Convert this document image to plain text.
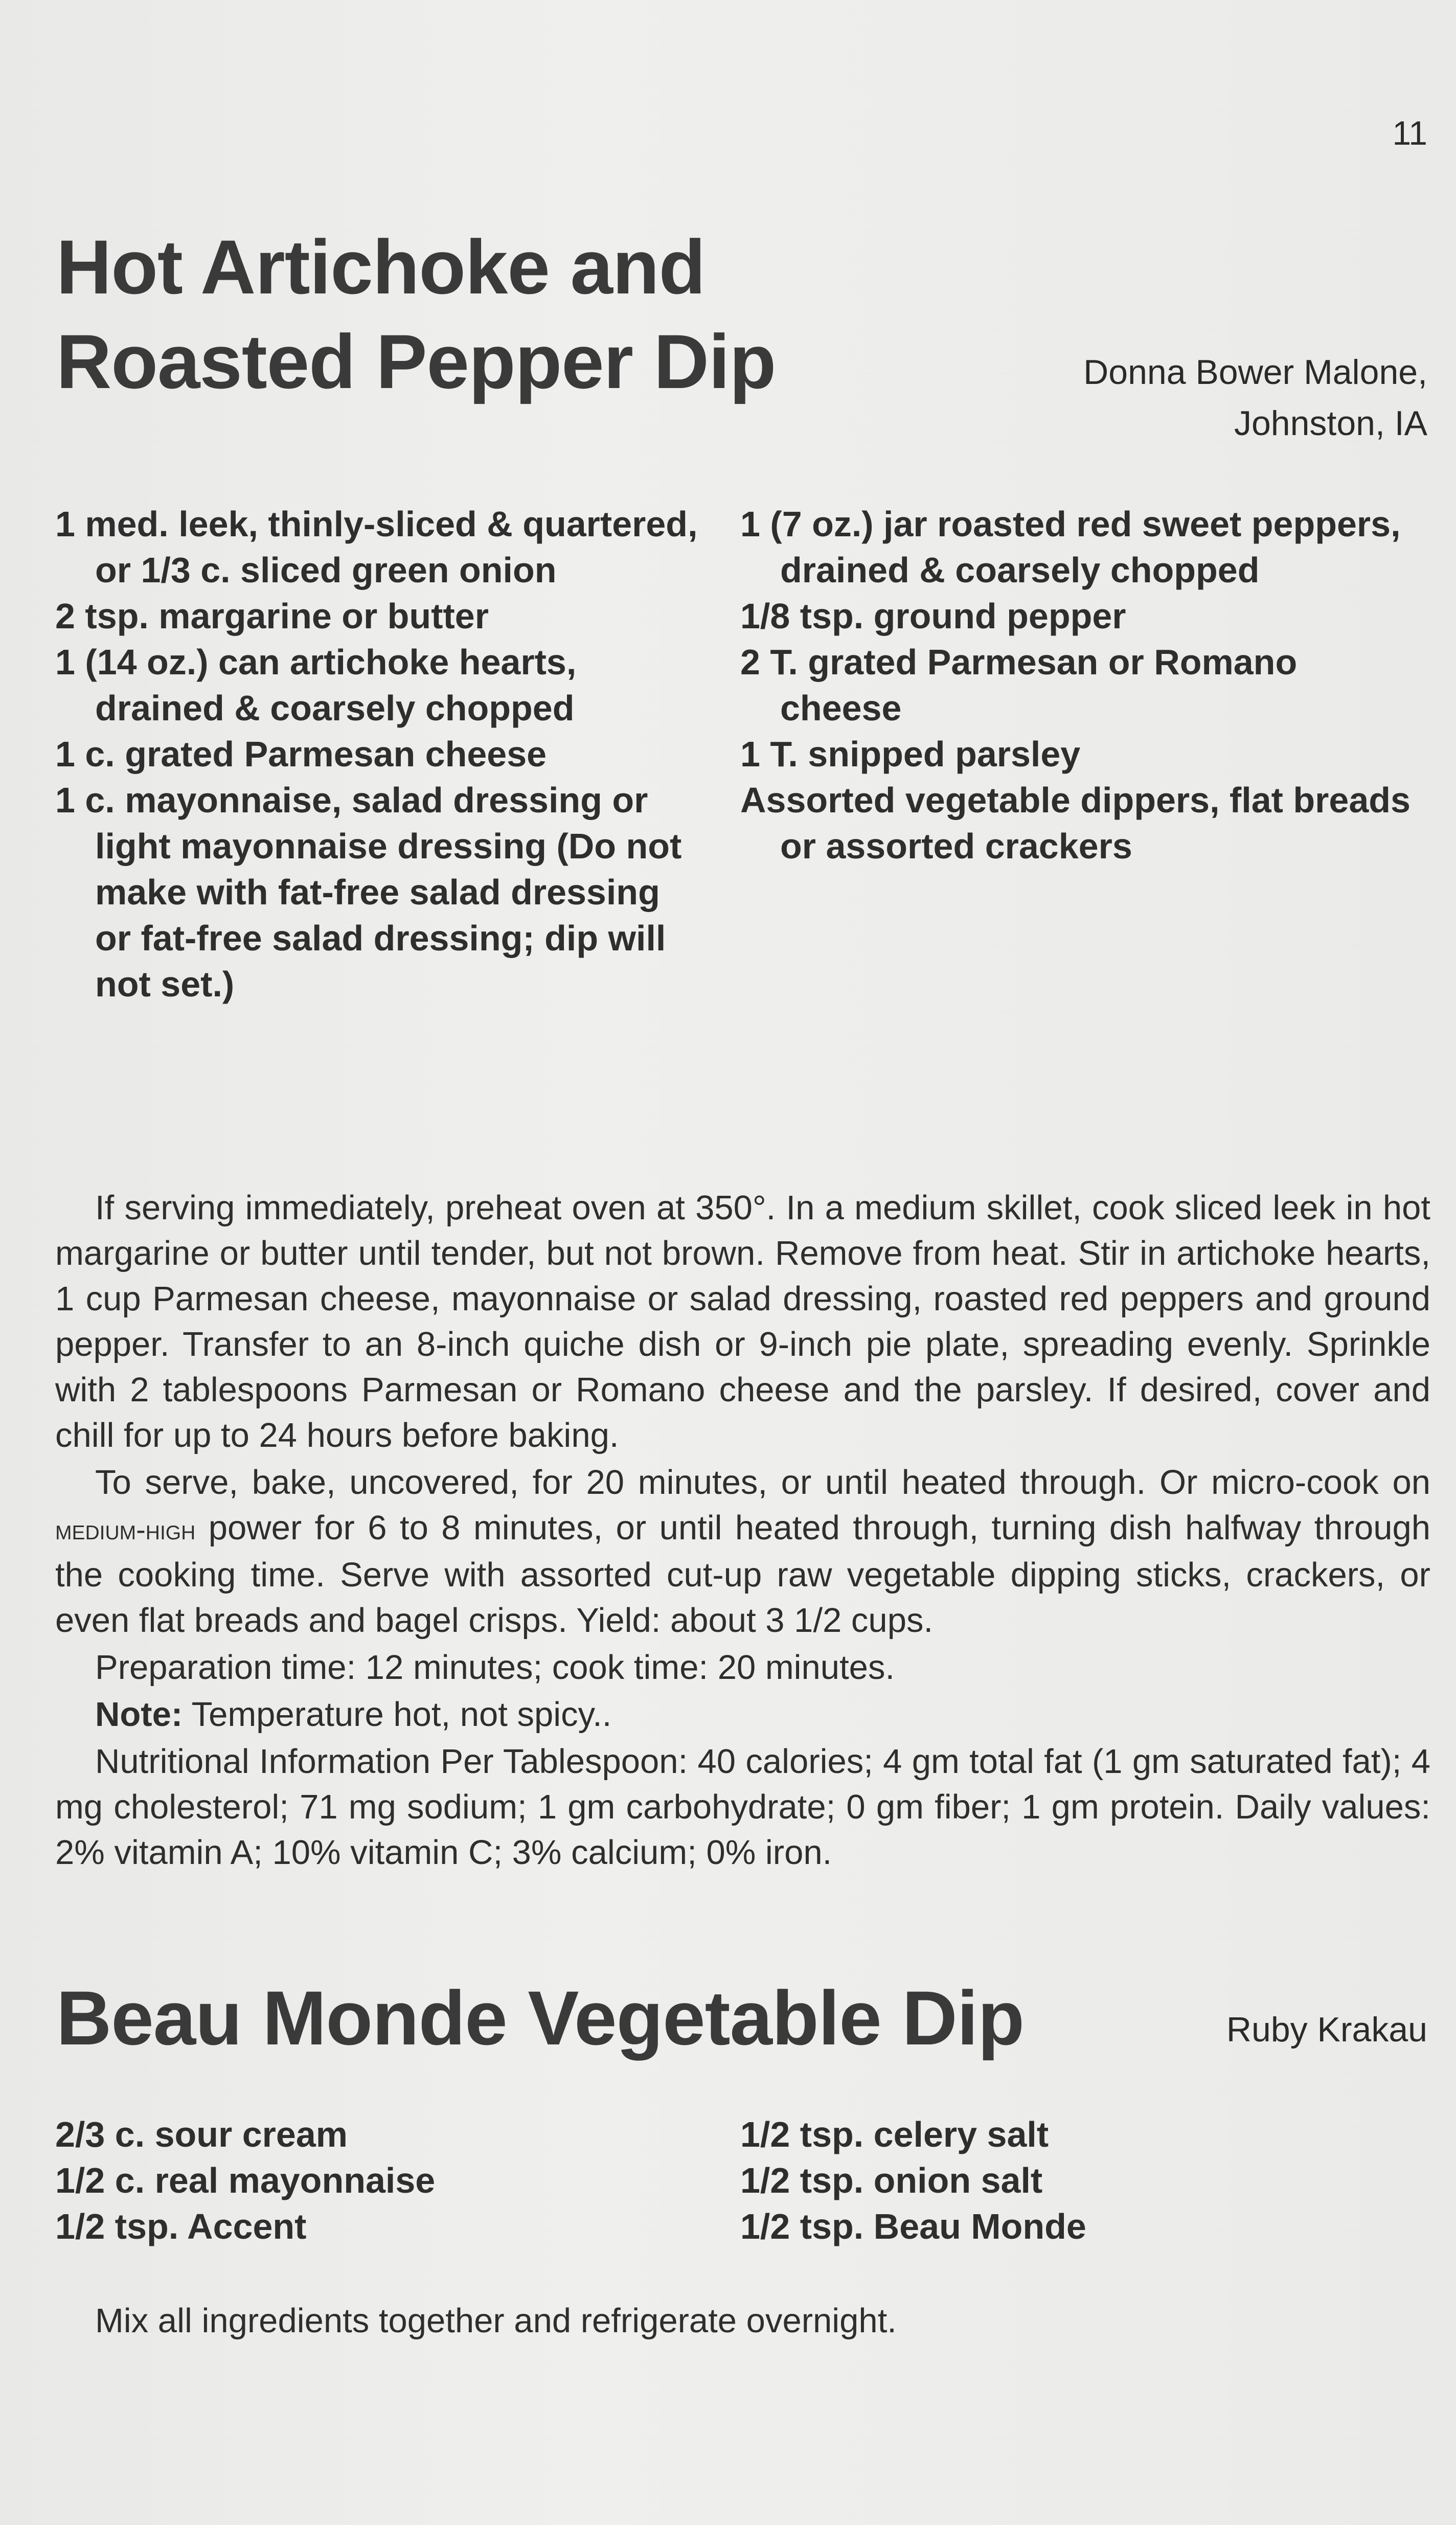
11
Hot Artichoke and
Roasted Pepper Dip	Donna Bower Malone,
Johnston, IA
1 med. leek, thinly-sliced & quartered, or 1/3 c. sliced green onion
2 tsp. margarine or butter
1 (14 oz.) can artichoke hearts, drained & coarsely chopped
1 c. grated Parmesan cheese
1 c. mayonnaise, salad dressing or light mayonnaise dressing (Do not make with fat-free salad dressing or fat-free salad dressing; dip will not set.)
1 (7 oz.) jar roasted red sweet peppers, drained & coarsely chopped
1/8 tsp. ground pepper
2 T. grated Parmesan or Romano cheese
1 T. snipped parsley
Assorted vegetable dippers, flat breads or assorted crackers

If serving immediately, preheat oven at 350°. In a medium skillet, cook sliced leek in hot margarine or butter until tender, but not brown. Remove from heat. Stir in artichoke hearts, 1 cup Parmesan cheese, mayonnaise or salad dressing, roasted red peppers and ground pepper. Transfer to an 8-inch quiche dish or 9-inch pie plate, spreading evenly. Sprinkle with 2 tablespoons Parmesan or Romano cheese and the parsley. If desired, cover and chill for up to 24 hours before baking.

To serve, bake, uncovered, for 20 minutes, or until heated through. Or micro-cook on medium-high power for 6 to 8 minutes, or until heated through, turning dish halfway through the cooking time. Serve with assorted cut-up raw vegetable dipping sticks, crackers, or even flat breads and bagel crisps. Yield: about 3 1/2 cups.

Preparation time: 12 minutes; cook time: 20 minutes.

Note: Temperature hot, not spicy..

Nutritional Information Per Tablespoon: 40 calories; 4 gm total fat (1 gm saturated fat); 4 mg cholesterol; 71 mg sodium; 1 gm carbohydrate; 0 gm fiber; 1 gm protein. Daily values: 2% vitamin A; 10% vitamin C; 3% calcium; 0% iron.

Beau Monde Vegetable Dip	Ruby Krakau
2/3 c. sour cream
1/2 c. real mayonnaise
1/2 tsp. Accent
1/2 tsp. celery salt
1/2 tsp. onion salt
1/2 tsp. Beau Monde

Mix all ingredients together and refrigerate overnight.
